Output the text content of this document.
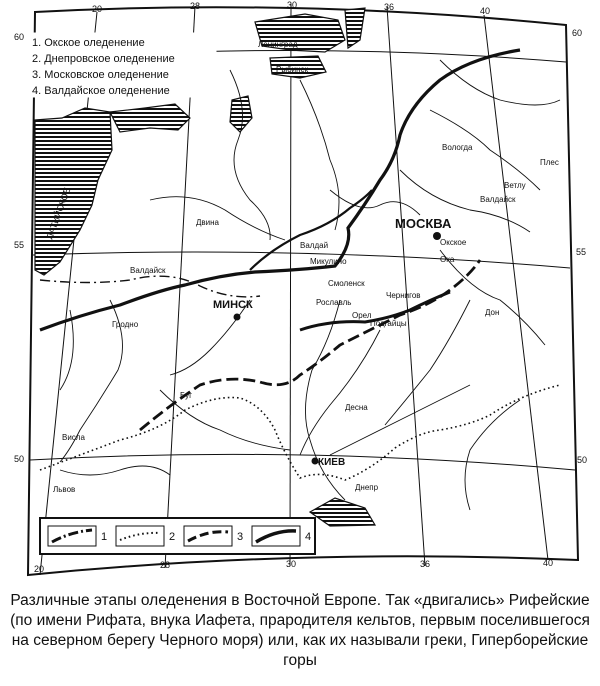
20	28	30	36	40
20	28	30	36	40
60
55
50
60
55
50
1. Окское оледенение
2. Днепровское оледенение
3. Московское оледенение
4. Валдайское оледенение
1	2	3	4
МОСКВА
МИНСК
КИЕВ
Ленинград
Рыбинск
Валдайск
Валдайск
Гродно
Смоленск
Рославль
Орел
Чернигов
Окское
Микулино
Подгайцы
Львов
ЛАТИЙСКОЕ
Валдай
Двина
Ока
Дон
Вологда
Плес
Ветлу
Десна
Днепр
Висла
Буг

Различные этапы оледенения в Восточной Европе. Так «двигались» Рифейские (по имени Рифата, внука Иафета, прародителя кельтов, первым поселившегося на северном берегу Черного моря) или, как их называли греки, Гиперборейские горы
